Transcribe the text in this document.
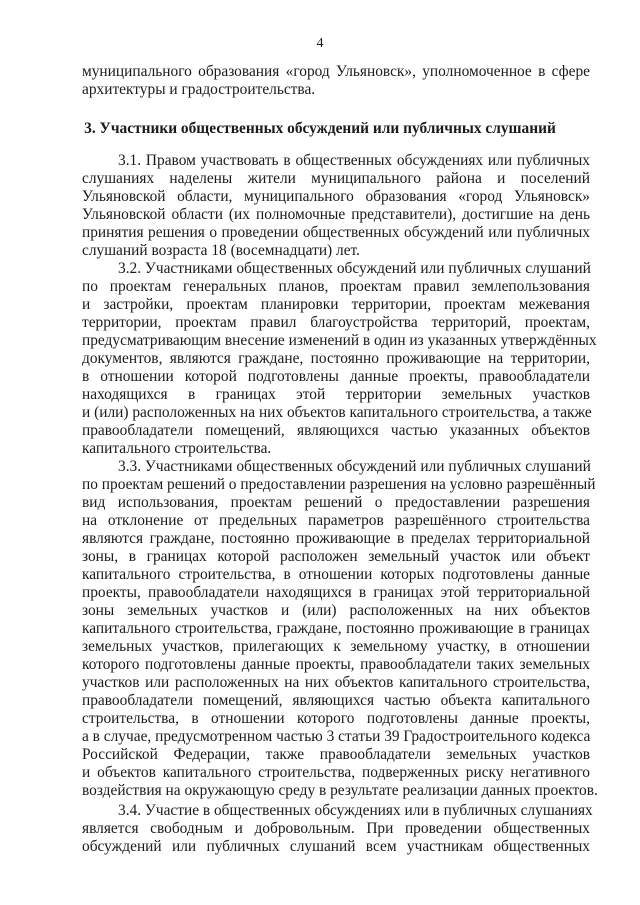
4
муниципального образования «город Ульяновск», уполномоченное в сфере
архитектуры и градостроительства.
3. Участники общественных обсуждений или публичных слушаний
3.1. Правом участвовать в общественных обсуждениях или публичных
слушаниях наделены жители муниципального района и поселений
Ульяновской области, муниципального образования «город Ульяновск»
Ульяновской области (их полномочные представители), достигшие на день
принятия решения о проведении общественных обсуждений или публичных
слушаний возраста 18 (восемнадцати) лет.
3.2. Участниками общественных обсуждений или публичных слушаний
по проектам генеральных планов, проектам правил землепользования
и застройки, проектам планировки территории, проектам межевания
территории, проектам правил благоустройства территорий, проектам,
предусматривающим внесение изменений в один из указанных утверждённых
документов, являются граждане, постоянно проживающие на территории,
в отношении которой подготовлены данные проекты, правообладатели
находящихся в границах этой территории земельных участков
и (или) расположенных на них объектов капитального строительства, а также
правообладатели помещений, являющихся частью указанных объектов
капитального строительства.
3.3. Участниками общественных обсуждений или публичных слушаний
по проектам решений о предоставлении разрешения на условно разрешённый
вид использования, проектам решений о предоставлении разрешения
на отклонение от предельных параметров разрешённого строительства
являются граждане, постоянно проживающие в пределах территориальной
зоны, в границах которой расположен земельный участок или объект
капитального строительства, в отношении которых подготовлены данные
проекты, правообладатели находящихся в границах этой территориальной
зоны земельных участков и (или) расположенных на них объектов
капитального строительства, граждане, постоянно проживающие в границах
земельных участков, прилегающих к земельному участку, в отношении
которого подготовлены данные проекты, правообладатели таких земельных
участков или расположенных на них объектов капитального строительства,
правообладатели помещений, являющихся частью объекта капитального
строительства, в отношении которого подготовлены данные проекты,
а в случае, предусмотренном частью 3 статьи 39 Градостроительного кодекса
Российской Федерации, также правообладатели земельных участков
и объектов капитального строительства, подверженных риску негативного
воздействия на окружающую среду в результате реализации данных проектов.
3.4. Участие в общественных обсуждениях или в публичных слушаниях
является свободным и добровольным. При проведении общественных
обсуждений или публичных слушаний всем участникам общественных
